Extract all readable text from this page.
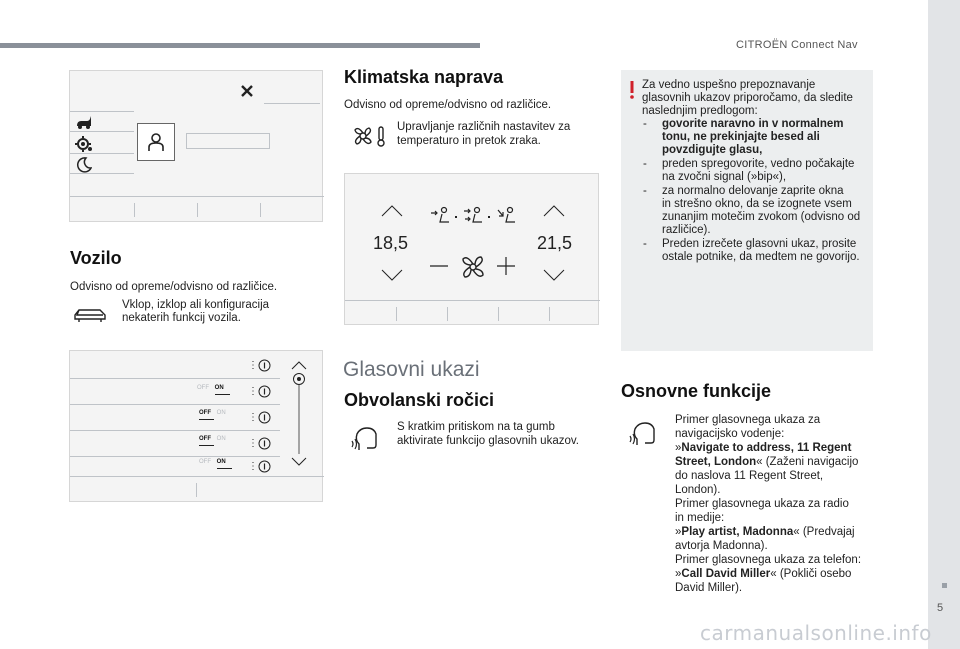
CITROËN Connect Nav
5
Vozilo
Odvisno od opreme/odvisno od različice.
Vklop, izklop ali konfiguracija
nekaterih funkcij vozila.
⋮
OFF ON ⋮
OFF ON ⋮
OFF ON ⋮
OFF ON ⋮
Klimatska naprava
Odvisno od opreme/odvisno od različice.
Upravljanje različnih nastavitev za
temperaturo in pretok zraka.
18,5	21,5
Glasovni ukazi
Obvolanski ročici
S kratkim pritiskom na ta gumb
aktivirate funkcijo glasovnih ukazov.
Za vedno uspešno prepoznavanje
glasovnih ukazov priporočamo, da sledite
naslednjim predlogom:
- govorite naravno in v normalnem
tonu, ne prekinjajte besed ali
povzdigujte glasu,
- preden spregovorite, vedno počakajte
na zvočni signal (»bip«),
- za normalno delovanje zaprite okna
in strešno okno, da se izognete vsem
zunanjim motečim zvokom (odvisno od
različice).
- Preden izrečete glasovni ukaz, prosite
ostale potnike, da medtem ne govorijo.
Osnovne funkcije
Primer glasovnega ukaza za
navigacijsko vodenje:
»Navigate to address, 11 Regent
Street, London« (Zaženi navigacijo
do naslova 11 Regent Street,
London).
Primer glasovnega ukaza za radio
in medije:
»Play artist, Madonna« (Predvajaj
avtorja Madonna).
Primer glasovnega ukaza za telefon:
»Call David Miller« (Pokliči osebo
David Miller).
carmanualsonline.info
